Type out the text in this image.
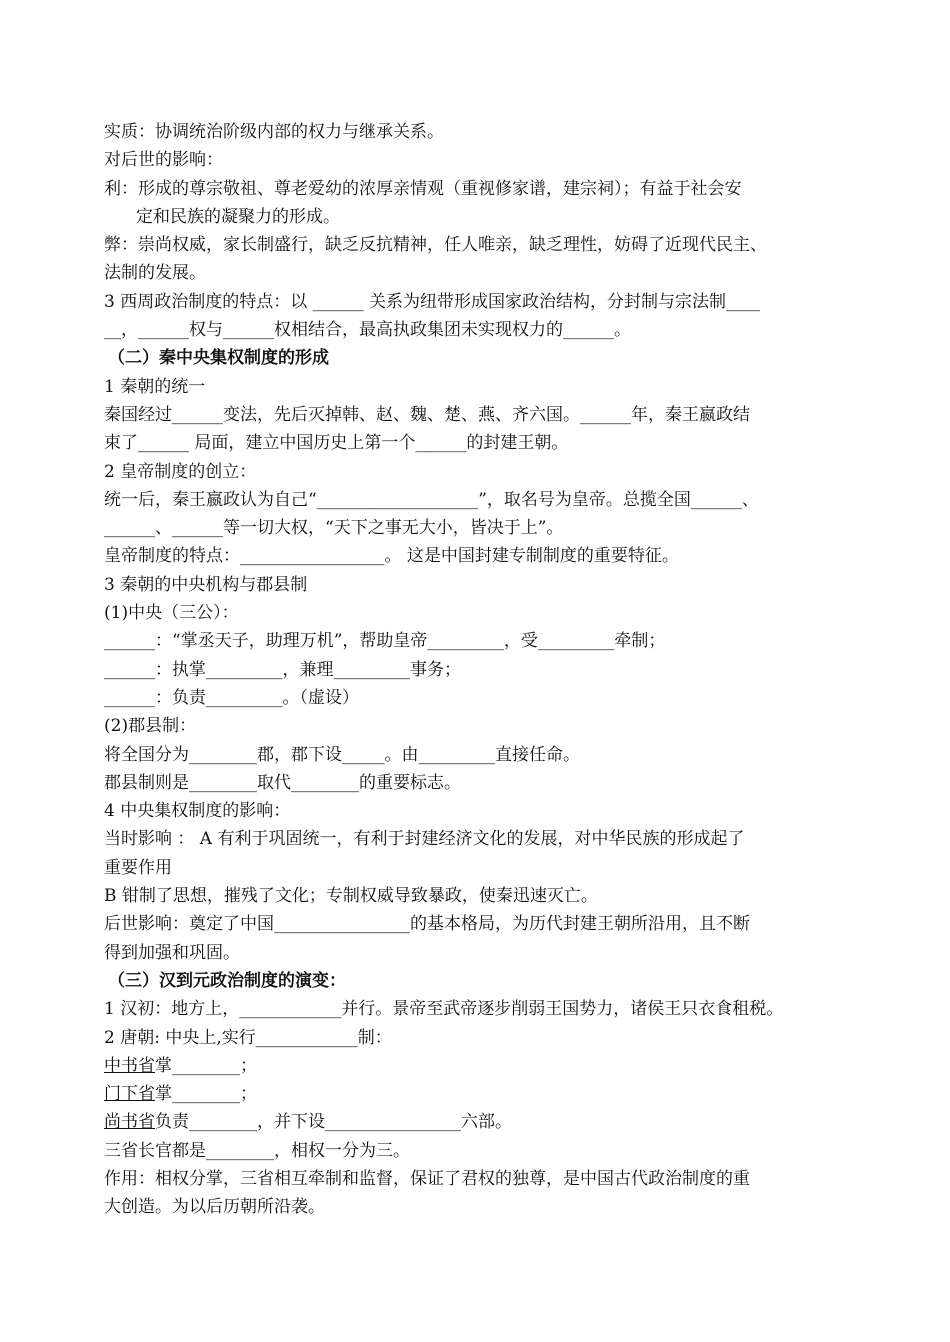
实质：协调统治阶级内部的权力与继承关系。
对后世的影响：
利：形成的尊宗敬祖、尊老爱幼的浓厚亲情观（重视修家谱，建宗祠）；有益于社会安
定和民族的凝聚力的形成。
弊：崇尚权威，家长制盛行，缺乏反抗精神，任人唯亲，缺乏理性，妨碍了近现代民主、
法制的发展。
3 西周政治制度的特点：以 ______ 关系为纽带形成国家政治结构，分封制与宗法制____
__，______权与______权相结合，最高执政集团未实现权力的______。
（二）秦中央集权制度的形成
1 秦朝的统一
秦国经过______变法，先后灭掉韩、赵、魏、楚、燕、齐六国。______年，秦王嬴政结
束了______ 局面，建立中国历史上第一个______的封建王朝。
2 皇帝制度的创立：
统一后，秦王嬴政认为自己“___________________”，取名号为皇帝。总揽全国______、
______、______等一切大权，“天下之事无大小，皆决于上”。
皇帝制度的特点：_________________。 这是中国封建专制制度的重要特征。
3 秦朝的中央机构与郡县制
(1)中央（三公）：
______：“掌丞天子，助理万机”，帮助皇帝_________，受_________牵制；
______：执掌_________，兼理_________事务；
______：负责_________。（虚设）
(2)郡县制：
将全国分为________郡，郡下设_____。由_________直接任命。
郡县制则是________取代________的重要标志。
4 中央集权制度的影响：
当时影响 ： A 有利于巩固统一，有利于封建经济文化的发展，对中华民族的形成起了
重要作用
B 钳制了思想，摧残了文化；专制权威导致暴政，使秦迅速灭亡。
后世影响：奠定了中国________________的基本格局，为历代封建王朝所沿用，且不断
得到加强和巩固。
（三）汉到元政治制度的演变：
1 汉初：地方上，____________并行。景帝至武帝逐步削弱王国势力，诸侯王只衣食租税。
2 唐朝: 中央上,实行____________制：
中书省掌________；
门下省掌________；
尚书省负责________，并下设________________六部。
三省长官都是________，相权一分为三。
作用：相权分掌，三省相互牵制和监督，保证了君权的独尊，是中国古代政治制度的重
大创造。为以后历朝所沿袭。
